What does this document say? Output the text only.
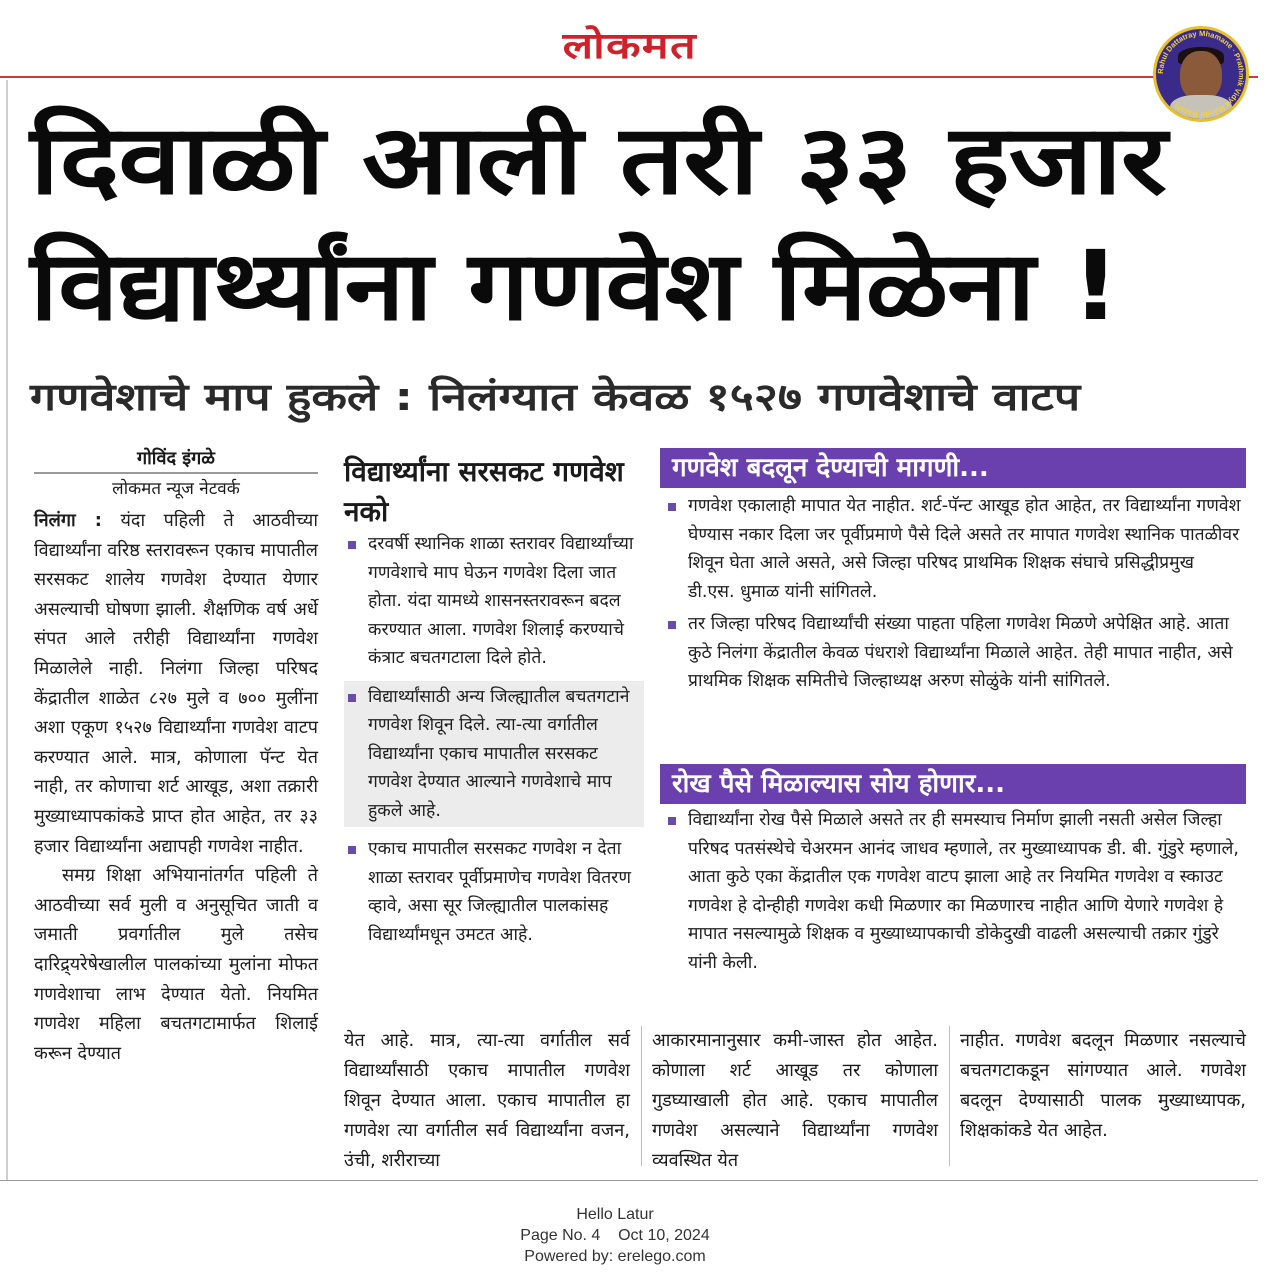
लोकमत
Rahul Dattatray Mhamane · Prathmik Vidya Mandir Barshi
दिवाळी आली तरी ३३ हजार
विद्यार्थ्यांना गणवेश मिळेना !
गणवेशाचे माप हुकले : निलंग्यात केवळ १५२७ गणवेशाचे वाटप
गोविंद इंगळे
लोकमत न्यूज नेटवर्क

निलंगा : यंदा पहिली ते आठवीच्या विद्यार्थ्यांना वरिष्ठ स्तरावरून एकाच मापातील सरसकट शालेय गणवेश देण्यात येणार असल्याची घोषणा झाली. शैक्षणिक वर्ष अर्धे संपत आले तरीही विद्यार्थ्यांना गणवेश मिळालेले नाही. निलंगा जिल्हा परिषद केंद्रातील शाळेत ८२७ मुले व ७०० मुलींना अशा एकूण १५२७ विद्यार्थ्यांना गणवेश वाटप करण्यात आले. मात्र, कोणाला पॅन्ट येत नाही, तर कोणाचा शर्ट आखूड, अशा तक्रारी मुख्याध्यापकांकडे प्राप्त होत आहेत, तर ३३ हजार विद्यार्थ्यांना अद्यापही गणवेश नाहीत.

समग्र शिक्षा अभियानांतर्गत पहिली ते आठवीच्या सर्व मुली व अनुसूचित जाती व जमाती प्रवर्गातील मुले तसेच दारिद्र्यरेषेखालील पालकांच्या मुलांना मोफत गणवेशाचा लाभ देण्यात येतो. नियमित गणवेश महिला बचतगटामार्फत शिलाई करून देण्यात

विद्यार्थ्यांना सरसकट गणवेश नको

दरवर्षी स्थानिक शाळा स्तरावर विद्यार्थ्यांच्या गणवेशाचे माप घेऊन गणवेश दिला जात होता. यंदा यामध्ये शासनस्तरावरून बदल करण्यात आला. गणवेश शिलाई करण्याचे कंत्राट बचतगटाला दिले होते.

विद्यार्थ्यांसाठी अन्य जिल्ह्यातील बचतगटाने गणवेश शिवून दिले. त्या-त्या वर्गातील विद्यार्थ्यांना एकाच मापातील सरसकट गणवेश देण्यात आल्याने गणवेशाचे माप हुकले आहे.

एकाच मापातील सरसकट गणवेश न देता शाळा स्तरावर पूर्वीप्रमाणेच गणवेश वितरण व्हावे, असा सूर जिल्ह्यातील पालकांसह विद्यार्थ्यांमधून उमटत आहे.

गणवेश बदलून देण्याची मागणी...

गणवेश एकालाही मापात येत नाहीत. शर्ट-पॅन्ट आखूड होत आहेत, तर विद्यार्थ्यांना गणवेश घेण्यास नकार दिला जर पूर्वीप्रमाणे पैसे दिले असते तर मापात गणवेश स्थानिक पातळीवर शिवून घेता आले असते, असे जिल्हा परिषद प्राथमिक शिक्षक संघाचे प्रसिद्धीप्रमुख डी.एस. धुमाळ यांनी सांगितले.

तर जिल्हा परिषद विद्यार्थ्यांची संख्या पाहता पहिला गणवेश मिळणे अपेक्षित आहे. आता कुठे निलंगा केंद्रातील केवळ पंधराशे विद्यार्थ्यांना मिळाले आहेत. तेही मापात नाहीत, असे प्राथमिक शिक्षक समितीचे जिल्हाध्यक्ष अरुण सोळुंके यांनी सांगितले.

रोख पैसे मिळाल्यास सोय होणार...

विद्यार्थ्यांना रोख पैसे मिळाले असते तर ही समस्याच निर्माण झाली नसती असेल जिल्हा परिषद पतसंस्थेचे चेअरमन आनंद जाधव म्हणाले, तर मुख्याध्यापक डी. बी. गुंडुरे म्हणाले, आता कुठे एका केंद्रातील एक गणवेश वाटप झाला आहे तर नियमित गणवेश व स्काउट गणवेश हे दोन्हीही गणवेश कधी मिळणार का मिळणारच नाहीत आणि येणारे गणवेश हे मापात नसल्यामुळे शिक्षक व मुख्याध्यापकाची डोकेदुखी वाढली असल्याची तक्रार गुंडुरे यांनी केली.

येत आहे. मात्र, त्या-त्या वर्गातील सर्व विद्यार्थ्यांसाठी एकाच मापातील गणवेश शिवून देण्यात आला. एकाच मापातील हा गणवेश त्या वर्गातील सर्व विद्यार्थ्यांना वजन, उंची, शरीराच्या
आकारमानानुसार कमी-जास्त होत आहेत. कोणाला शर्ट आखूड तर कोणाला गुडघ्याखाली होत आहे. एकाच मापातील गणवेश असल्याने विद्यार्थ्यांना गणवेश व्यवस्थित येत
नाहीत. गणवेश बदलून मिळणार नसल्याचे बचतगटाकडून सांगण्यात आले. गणवेश बदलून देण्यासाठी पालक मुख्याध्यापक, शिक्षकांकडे येत आहेत.
Hello Latur
Page No. 4    Oct 10, 2024
Powered by: erelego.com
